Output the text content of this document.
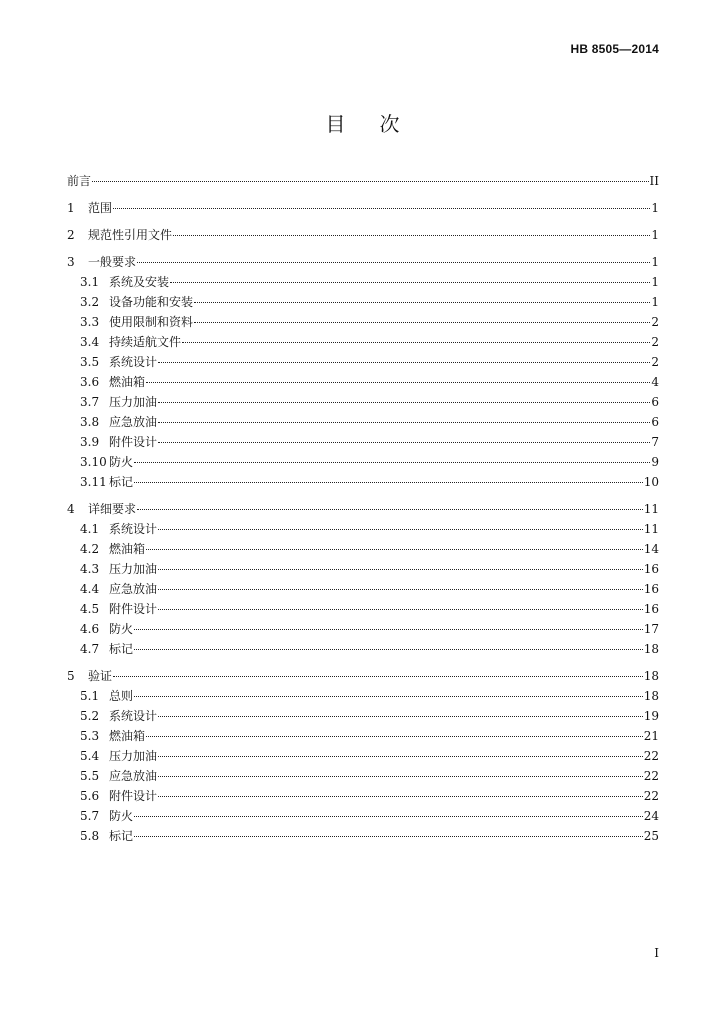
HB 8505—2014
目次
前言	II
1	范围	1
2	规范性引用文件	1
3	一般要求	1
3.1 系统及安装	1
3.2 设备功能和安装	1
3.3 使用限制和资料	2
3.4 持续适航文件	2
3.5 系统设计	2
3.6 燃油箱	4
3.7 压力加油	6
3.8 应急放油	6
3.9 附件设计	7
3.10 防火	9
3.11 标记	10
4	详细要求	11
4.1 系统设计	11
4.2 燃油箱	14
4.3 压力加油	16
4.4 应急放油	16
4.5 附件设计	16
4.6 防火	17
4.7 标记	18
5	验证	18
5.1 总则	18
5.2 系统设计	19
5.3 燃油箱	21
5.4 压力加油	22
5.5 应急放油	22
5.6 附件设计	22
5.7 防火	24
5.8 标记	25
I
